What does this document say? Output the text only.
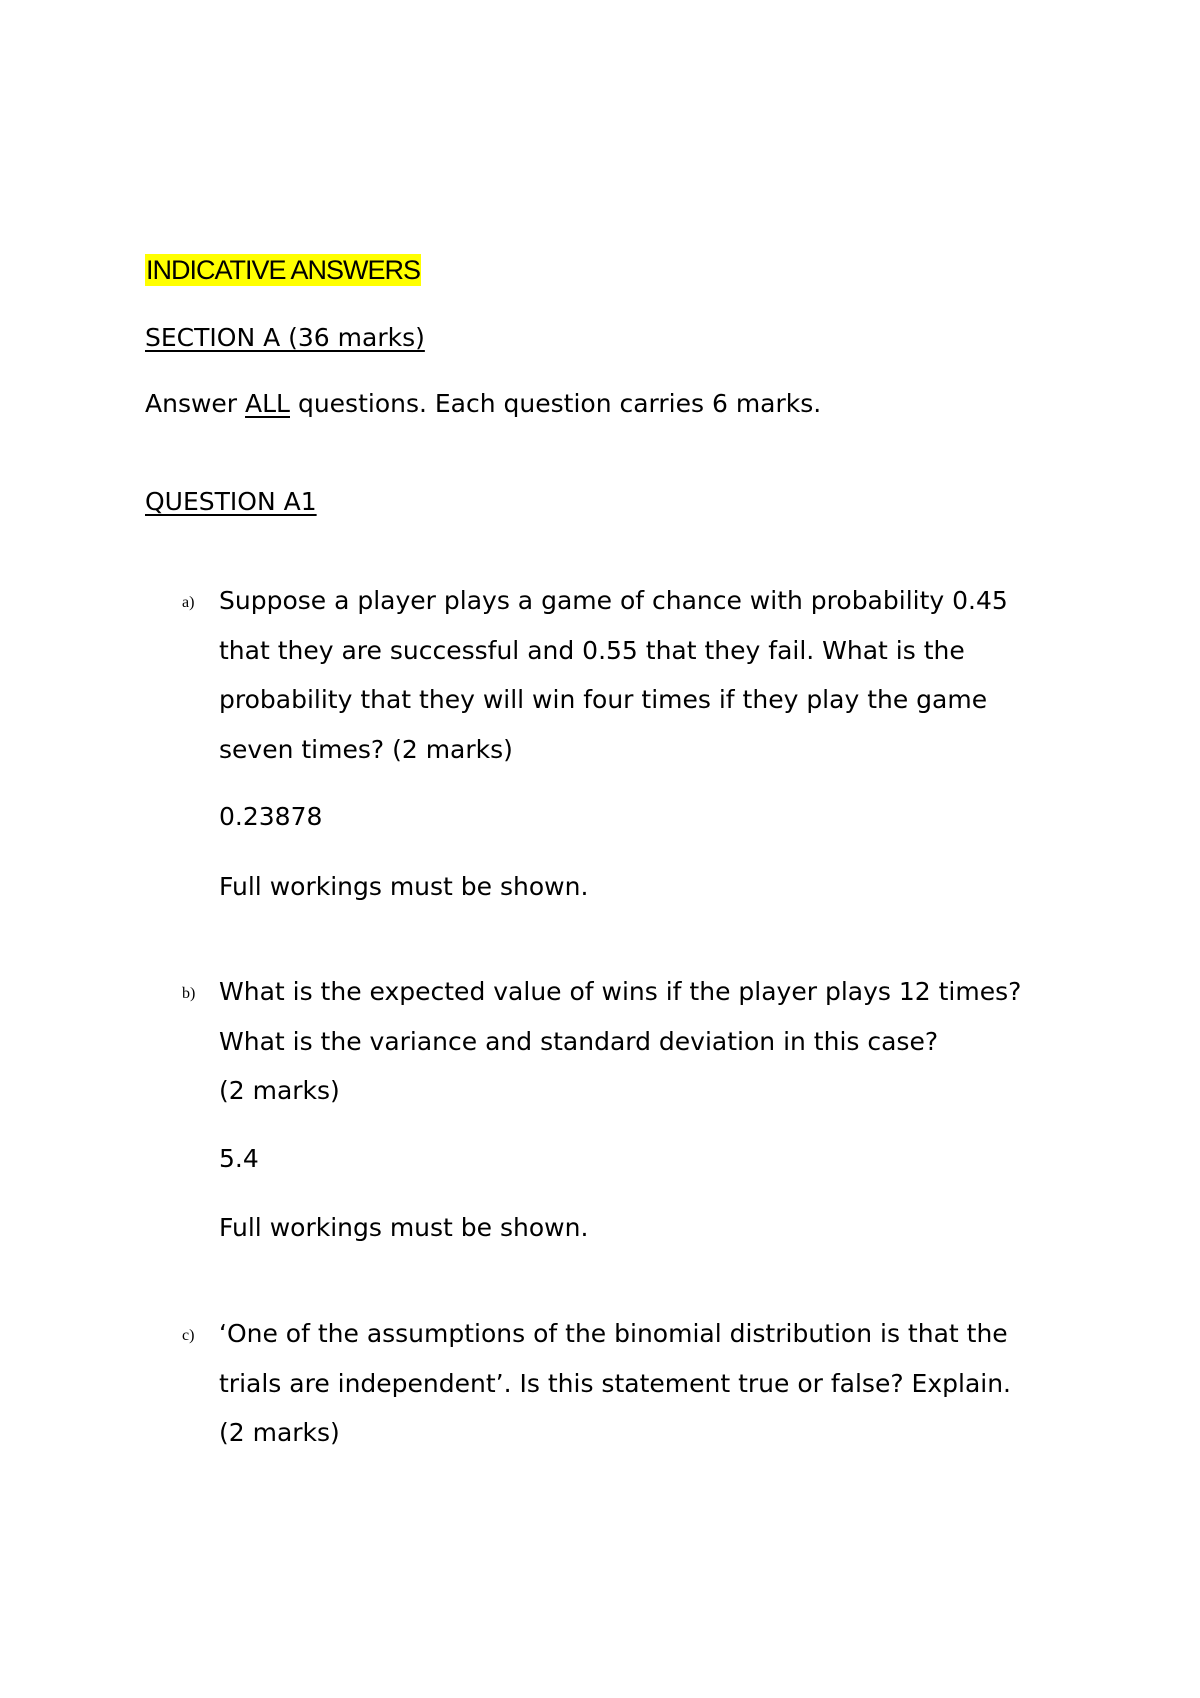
INDICATIVE ANSWERS
SECTION A (36 marks)
Answer ALL questions. Each question carries 6 marks.
QUESTION A1
a) Suppose a player plays a game of chance with probability 0.45
that they are successful and 0.55 that they fail. What is the
probability that they will win four times if they play the game
seven times? (2 marks)
0.23878
Full workings must be shown.
b) What is the expected value of wins if the player plays 12 times?
What is the variance and standard deviation in this case?
(2 marks)
5.4
Full workings must be shown.
c) ‘One of the assumptions of the binomial distribution is that the
trials are independent’. Is this statement true or false? Explain.
(2 marks)
